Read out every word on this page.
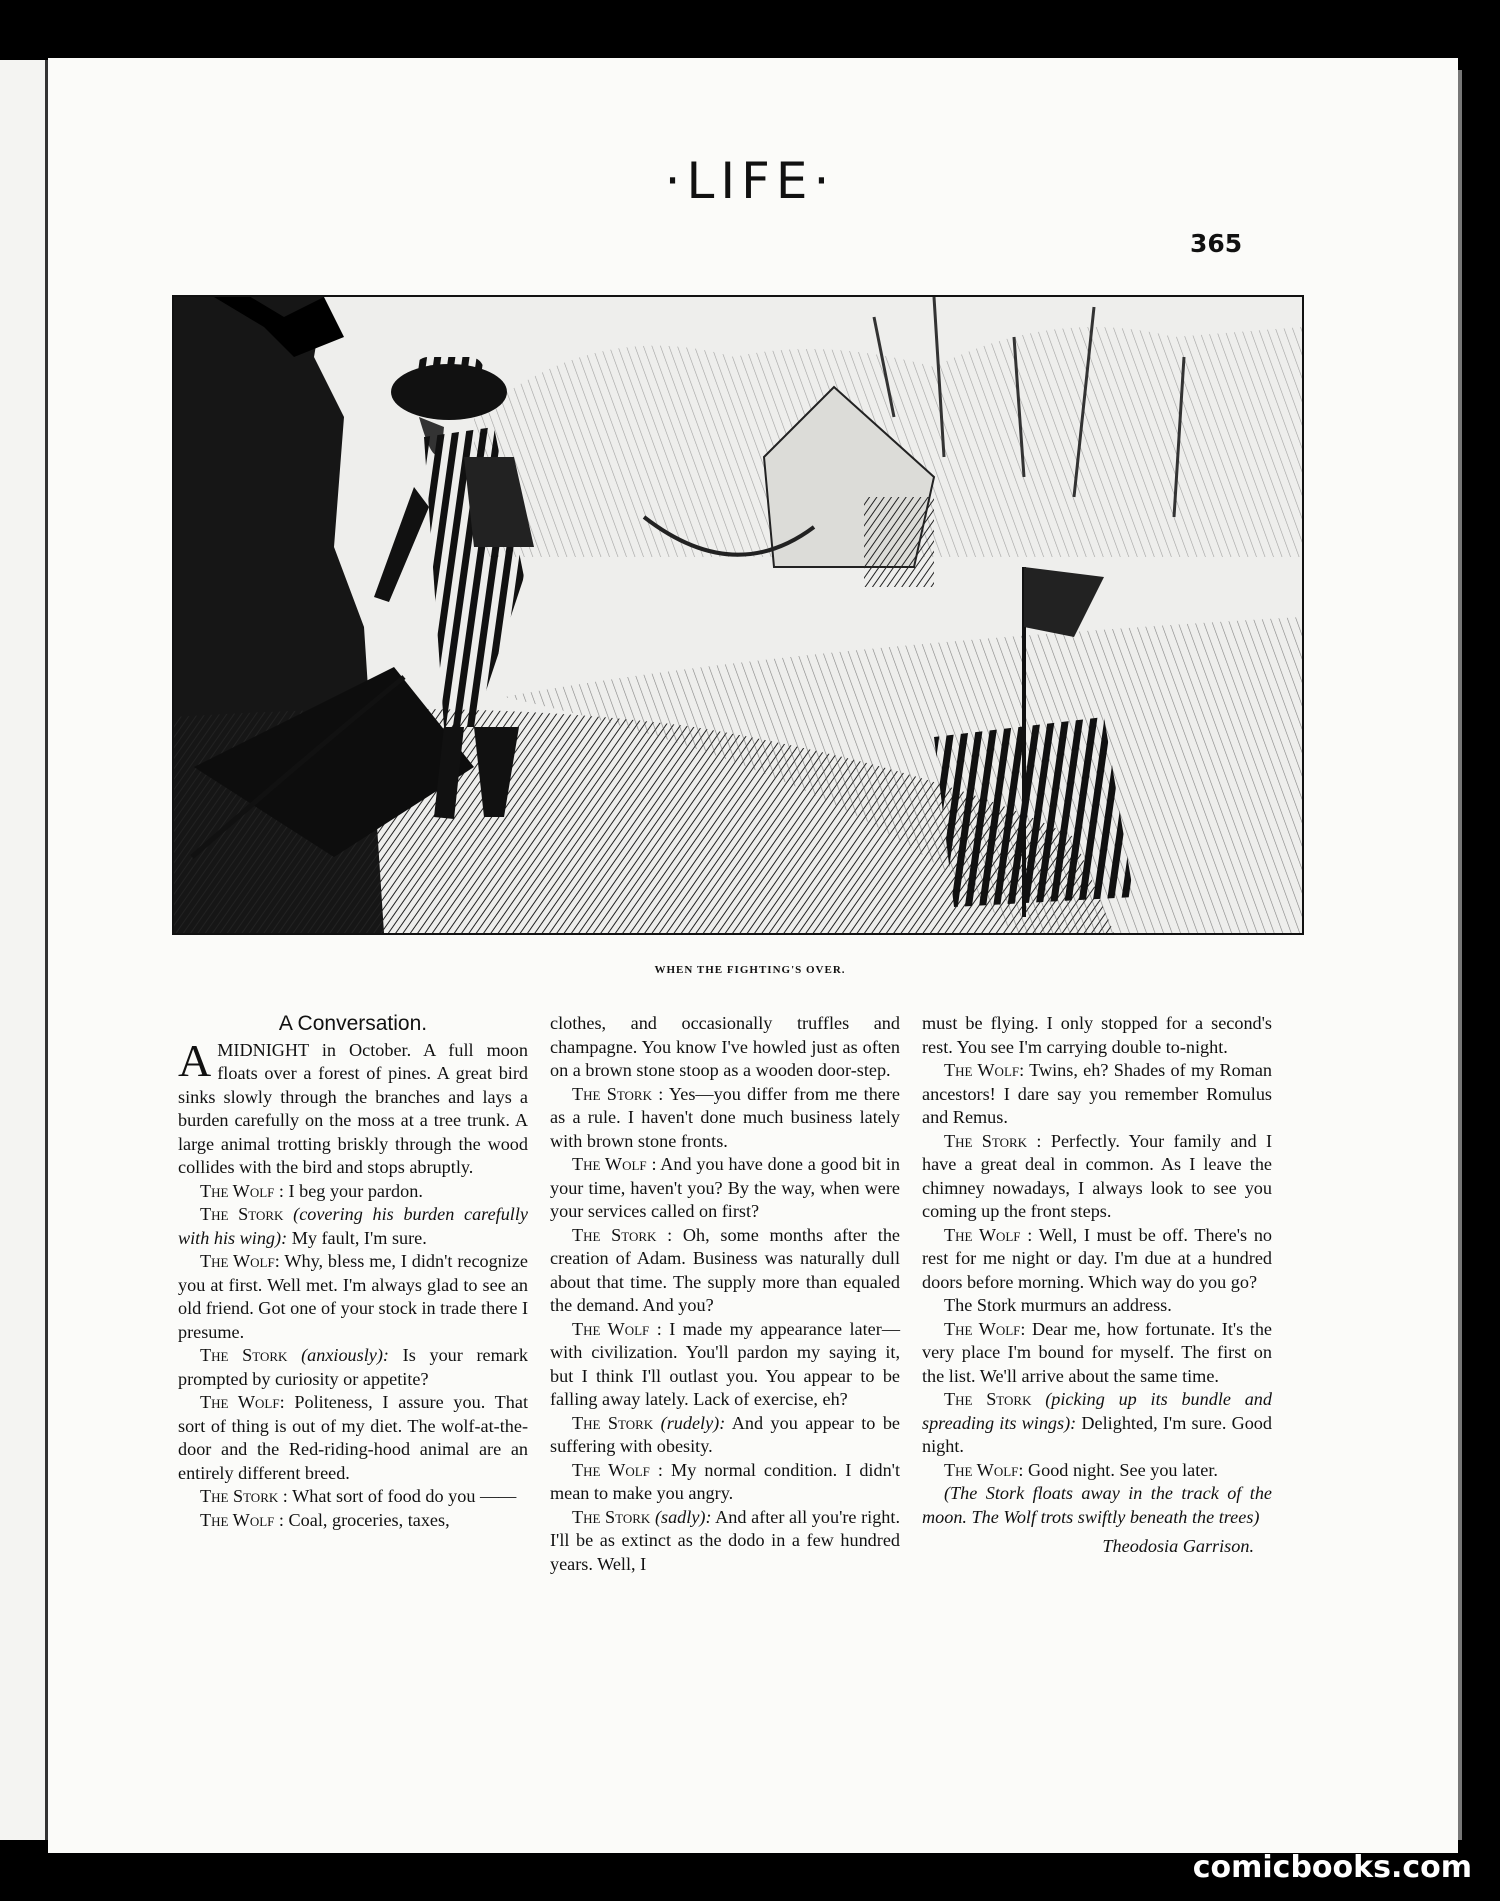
·LIFE·
365
WHEN THE FIGHTING'S OVER.
A Conversation.

AMIDNIGHT in October. A full moon floats over a forest of pines. A great bird sinks slowly through the branches and lays a burden carefully on the moss at a tree trunk. A large animal trotting briskly through the wood collides with the bird and stops abruptly.

The Wolf : I beg your pardon.

The Stork (covering his burden carefully with his wing): My fault, I'm sure.

The Wolf: Why, bless me, I didn't recognize you at first. Well met. I'm always glad to see an old friend. Got one of your stock in trade there I presume.

The Stork (anxiously): Is your remark prompted by curiosity or appetite?

The Wolf: Politeness, I assure you. That sort of thing is out of my diet. The wolf-at-the-door and the Red-riding-hood animal are an entirely different breed.

The Stork : What sort of food do you ——

The Wolf : Coal, groceries, taxes,

clothes, and occasionally truffles and champagne. You know I've howled just as often on a brown stone stoop as a wooden door-step.

The Stork : Yes—you differ from me there as a rule. I haven't done much business lately with brown stone fronts.

The Wolf : And you have done a good bit in your time, haven't you? By the way, when were your services called on first?

The Stork : Oh, some months after the creation of Adam. Business was naturally dull about that time. The supply more than equaled the demand. And you?

The Wolf : I made my appearance later—with civilization. You'll pardon my saying it, but I think I'll outlast you. You appear to be falling away lately. Lack of exercise, eh?

The Stork (rudely): And you appear to be suffering with obesity.

The Wolf : My normal condition. I didn't mean to make you angry.

The Stork (sadly): And after all you're right. I'll be as extinct as the dodo in a few hundred years. Well, I

must be flying. I only stopped for a second's rest. You see I'm carrying double to-night.

The Wolf: Twins, eh? Shades of my Roman ancestors! I dare say you remember Romulus and Remus.

The Stork : Perfectly. Your family and I have a great deal in common. As I leave the chimney nowadays, I always look to see you coming up the front steps.

The Wolf : Well, I must be off. There's no rest for me night or day. I'm due at a hundred doors before morning. Which way do you go?

The Stork murmurs an address.

The Wolf: Dear me, how fortunate. It's the very place I'm bound for myself. The first on the list. We'll arrive about the same time.

The Stork (picking up its bundle and spreading its wings): Delighted, I'm sure. Good night.

The Wolf: Good night. See you later.

(The Stork floats away in the track of the moon. The Wolf trots swiftly beneath the trees)

Theodosia Garrison.
comicbooks.com
